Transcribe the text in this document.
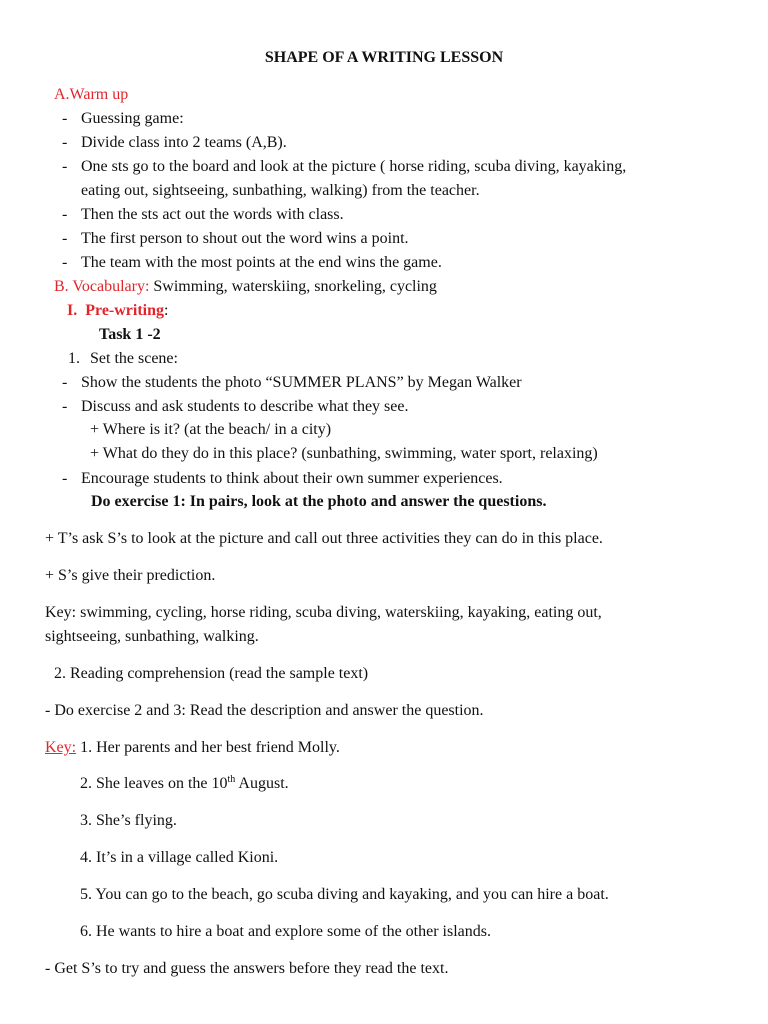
SHAPE OF A WRITING LESSON
A.Warm up
- Guessing game:
- Divide class into 2 teams (A,B).
- One sts go to the board and look at the picture ( horse riding, scuba diving, kayaking,
eating out, sightseeing, sunbathing, walking) from the teacher.
- Then the sts act out the words with class.
- The first person to shout out the word wins a point.
- The team with the most points at the end wins the game.
B. Vocabulary: Swimming, waterskiing, snorkeling, cycling
I. Pre-writing:
Task 1 -2
1. Set the scene:
- Show the students the photo “SUMMER PLANS” by Megan Walker
- Discuss and ask students to describe what they see.
+ Where is it? (at the beach/ in a city)
+ What do they do in this place? (sunbathing, swimming, water sport, relaxing)
- Encourage students to think about their own summer experiences.
Do exercise 1: In pairs, look at the photo and answer the questions.
+ T’s ask S’s to look at the picture and call out three activities they can do in this place.
+ S’s give their prediction.
Key: swimming, cycling, horse riding, scuba diving, waterskiing, kayaking, eating out,
sightseeing, sunbathing, walking.
2. Reading comprehension (read the sample text)
- Do exercise 2 and 3: Read the description and answer the question.
Key: 1. Her parents and her best friend Molly.
2. She leaves on the 10th August.
3. She’s flying.
4. It’s in a village called Kioni.
5. You can go to the beach, go scuba diving and kayaking, and you can hire a boat.
6. He wants to hire a boat and explore some of the other islands.
- Get S’s to try and guess the answers before they read the text.
